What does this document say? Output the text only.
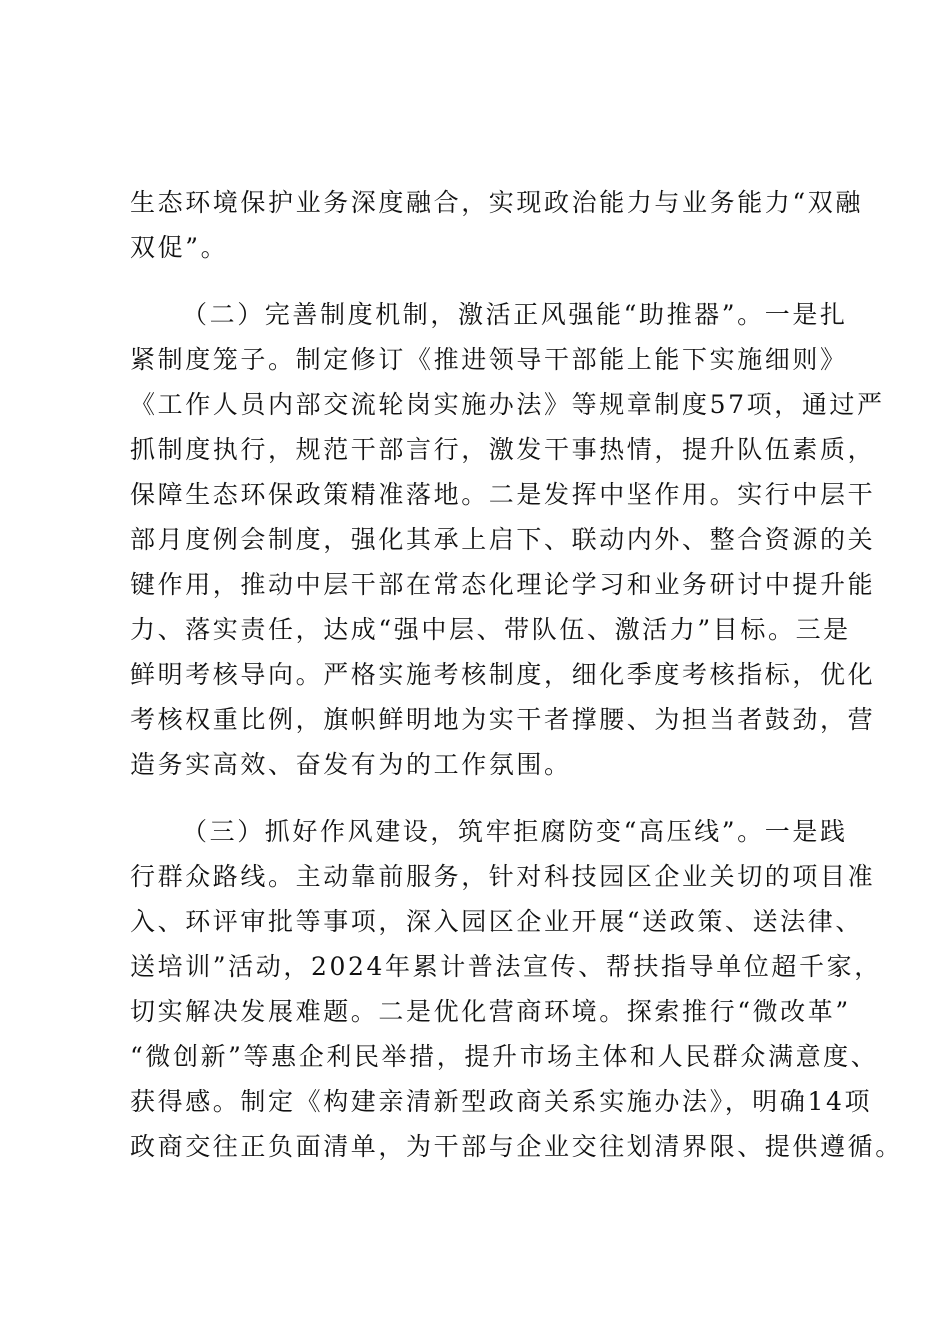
生态环境保护业务深度融合，实现政治能力与业务能力“双融
双促”。
（二）完善制度机制，激活正风强能“助推器”。一是扎
紧制度笼子。制定修订《推进领导干部能上能下实施细则》
《工作人员内部交流轮岗实施办法》等规章制度57项，通过严
抓制度执行，规范干部言行，激发干事热情，提升队伍素质，
保障生态环保政策精准落地。二是发挥中坚作用。实行中层干
部月度例会制度，强化其承上启下、联动内外、整合资源的关
键作用，推动中层干部在常态化理论学习和业务研讨中提升能
力、落实责任，达成“强中层、带队伍、激活力”目标。三是
鲜明考核导向。严格实施考核制度，细化季度考核指标，优化
考核权重比例，旗帜鲜明地为实干者撑腰、为担当者鼓劲，营
造务实高效、奋发有为的工作氛围。
（三）抓好作风建设，筑牢拒腐防变“高压线”。一是践
行群众路线。主动靠前服务，针对科技园区企业关切的项目准
入、环评审批等事项，深入园区企业开展“送政策、送法律、
送培训”活动，2024年累计普法宣传、帮扶指导单位超千家，
切实解决发展难题。二是优化营商环境。探索推行“微改革”
“微创新”等惠企利民举措，提升市场主体和人民群众满意度、
获得感。制定《构建亲清新型政商关系实施办法》，明确14项
政商交往正负面清单，为干部与企业交往划清界限、提供遵循。
